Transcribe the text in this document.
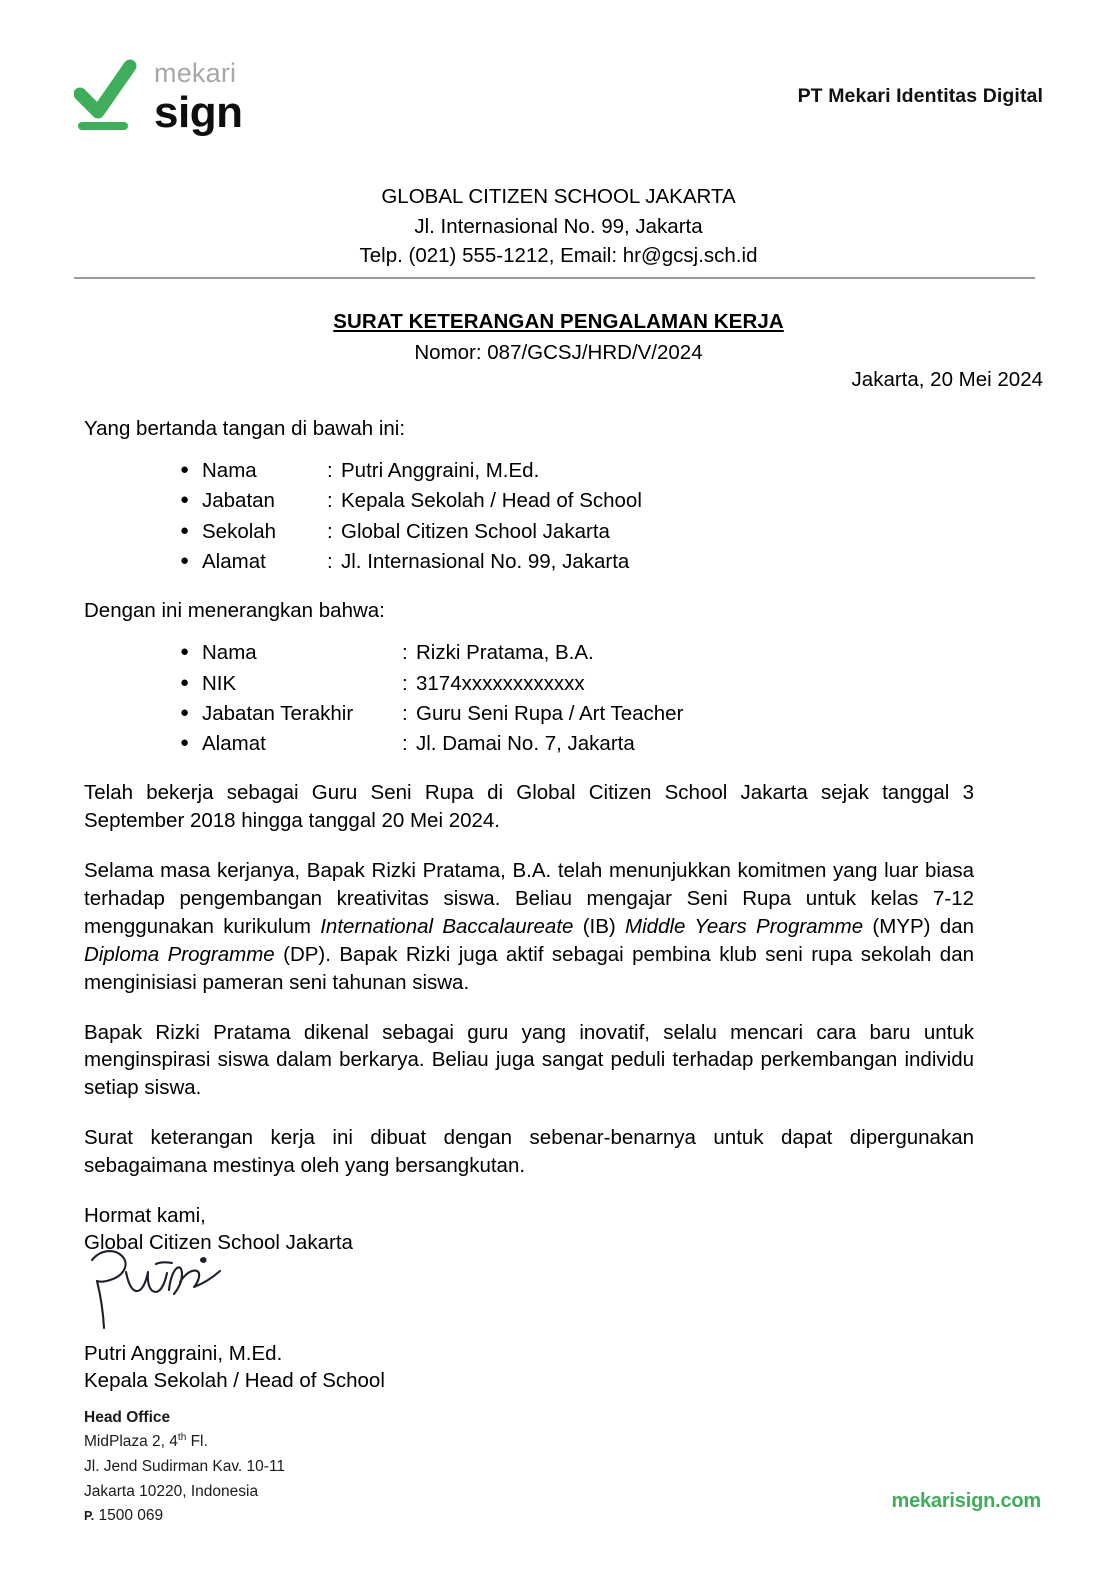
mekari
sign	PT Mekari Identitas Digital
GLOBAL CITIZEN SCHOOL JAKARTA
Jl. Internasional No. 99, Jakarta
Telp. (021) 555-1212, Email: hr@gcsj.sch.id
SURAT KETERANGAN PENGALAMAN KERJA
Nomor: 087/GCSJ/HRD/V/2024
Jakarta, 20 Mei 2024

Yang bertanda tangan di bawah ini:

●
Nama	: Putri Anggraini, M.Ed.
●
Jabatan	: Kepala Sekolah / Head of School
●
Sekolah	: Global Citizen School Jakarta
●
Alamat	: Jl. Internasional No. 99, Jakarta

Dengan ini menerangkan bahwa:

●
Nama	: Rizki Pratama, B.A.
●
NIK	: 3174xxxxxxxxxxxx
●
Jabatan Terakhir	: Guru Seni Rupa / Art Teacher
●
Alamat	: Jl. Damai No. 7, Jakarta

Telah bekerja sebagai Guru Seni Rupa di Global Citizen School Jakarta sejak tanggal 3 September 2018 hingga tanggal 20 Mei 2024.

Selama masa kerjanya, Bapak Rizki Pratama, B.A. telah menunjukkan komitmen yang luar biasa terhadap pengembangan kreativitas siswa. Beliau mengajar Seni Rupa untuk kelas 7-12 menggunakan kurikulum International Baccalaureate (IB) Middle Years Programme (MYP) dan Diploma Programme (DP). Bapak Rizki juga aktif sebagai pembina klub seni rupa sekolah dan menginisiasi pameran seni tahunan siswa.

Bapak Rizki Pratama dikenal sebagai guru yang inovatif, selalu mencari cara baru untuk menginspirasi siswa dalam berkarya. Beliau juga sangat peduli terhadap perkembangan individu setiap siswa.

Surat keterangan kerja ini dibuat dengan sebenar-benarnya untuk dapat dipergunakan sebagaimana mestinya oleh yang bersangkutan.

Hormat kami,

Global Citizen School Jakarta

Putri Anggraini, M.Ed.
Kepala Sekolah / Head of School
Head Office
MidPlaza 2, 4th Fl.
Jl. Jend Sudirman Kav. 10-11
Jakarta 10220, Indonesia
P. 1500 069
mekarisign.com
